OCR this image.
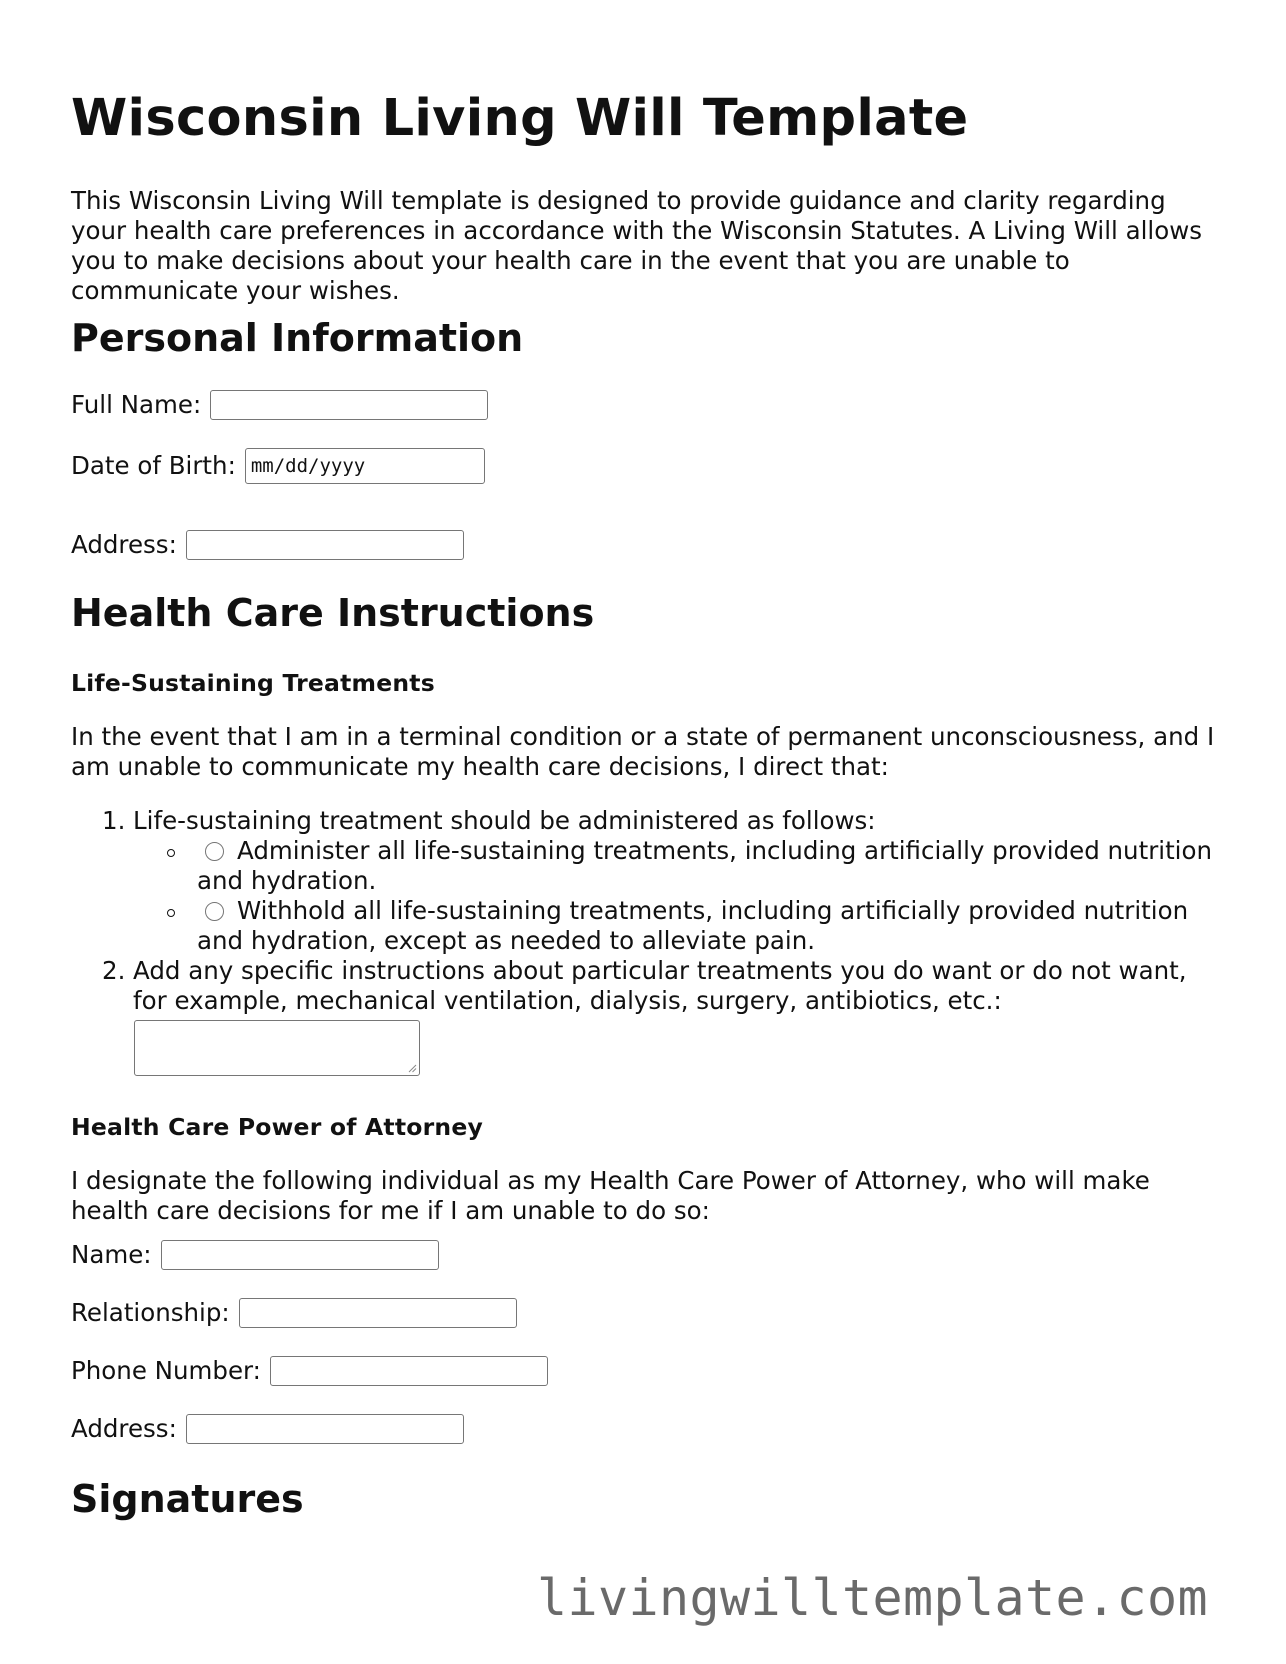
Wisconsin Living Will Template

This Wisconsin Living Will template is designed to provide guidance and clarity regarding your health care preferences in accordance with the Wisconsin Statutes. A Living Will allows you to make decisions about your health care in the event that you are unable to communicate your wishes.

Personal Information
Full Name:
Date of Birth: mm/dd/yyyy
Address:
Health Care Instructions
Life-Sustaining Treatments

In the event that I am in a terminal condition or a state of permanent unconsciousness, and I am unable to communicate my health care decisions, I direct that:

1. Life-sustaining treatment should be administered as follows:
Administer all life-sustaining treatments, including artificially provided nutrition and hydration.
Withhold all life-sustaining treatments, including artificially provided nutrition and hydration, except as needed to alleviate pain.
2. Add any specific instructions about particular treatments you do want or do not want, for example, mechanical ventilation, dialysis, surgery, antibiotics, etc.:
Health Care Power of Attorney

I designate the following individual as my Health Care Power of Attorney, who will make health care decisions for me if I am unable to do so:

Name:
Relationship:
Phone Number:
Address:
Signatures
livingwilltemplate.com
